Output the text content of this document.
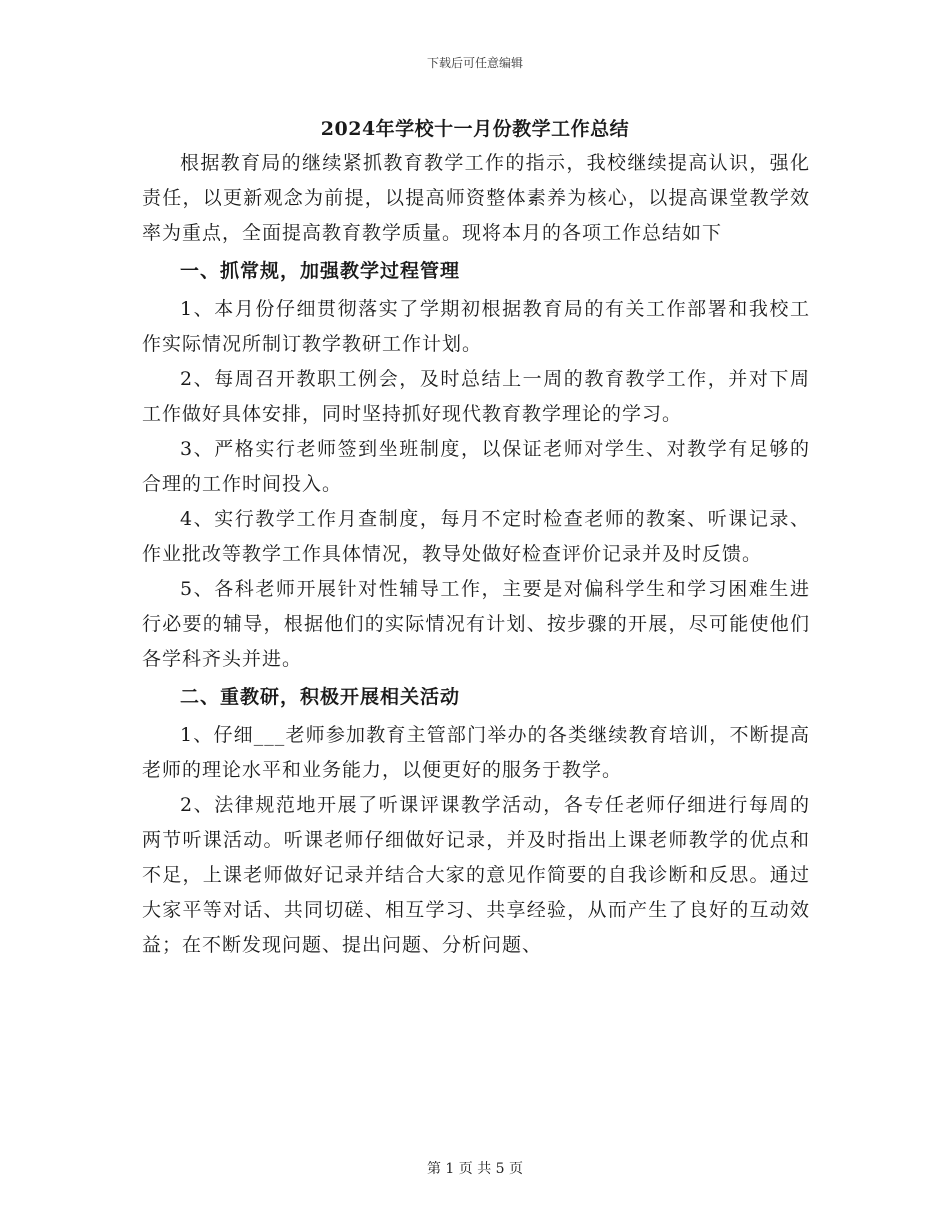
下载后可任意编辑
2024年学校十一月份教学工作总结

根据教育局的继续紧抓教育教学工作的指示，我校继续提高认识，强化责任，以更新观念为前提，以提高师资整体素养为核心，以提高课堂教学效率为重点，全面提高教育教学质量。现将本月的各项工作总结如下

一、抓常规，加强教学过程管理

1、本月份仔细贯彻落实了学期初根据教育局的有关工作部署和我校工作实际情况所制订教学教研工作计划。

2、每周召开教职工例会，及时总结上一周的教育教学工作，并对下周工作做好具体安排，同时坚持抓好现代教育教学理论的学习。

3、严格实行老师签到坐班制度，以保证老师对学生、对教学有足够的合理的工作时间投入。

4、实行教学工作月查制度，每月不定时检查老师的教案、听课记录、作业批改等教学工作具体情况，教导处做好检查评价记录并及时反馈。

5、各科老师开展针对性辅导工作，主要是对偏科学生和学习困难生进行必要的辅导，根据他们的实际情况有计划、按步骤的开展，尽可能使他们各学科齐头并进。

二、重教研，积极开展相关活动

1、仔细___老师参加教育主管部门举办的各类继续教育培训，不断提高老师的理论水平和业务能力，以便更好的服务于教学。

2、法律规范地开展了听课评课教学活动，各专任老师仔细进行每周的两节听课活动。听课老师仔细做好记录，并及时指出上课老师教学的优点和不足，上课老师做好记录并结合大家的意见作简要的自我诊断和反思。通过大家平等对话、共同切磋、相互学习、共享经验，从而产生了良好的互动效益；在不断发现问题、提出问题、分析问题、

第 1 页 共 5 页
